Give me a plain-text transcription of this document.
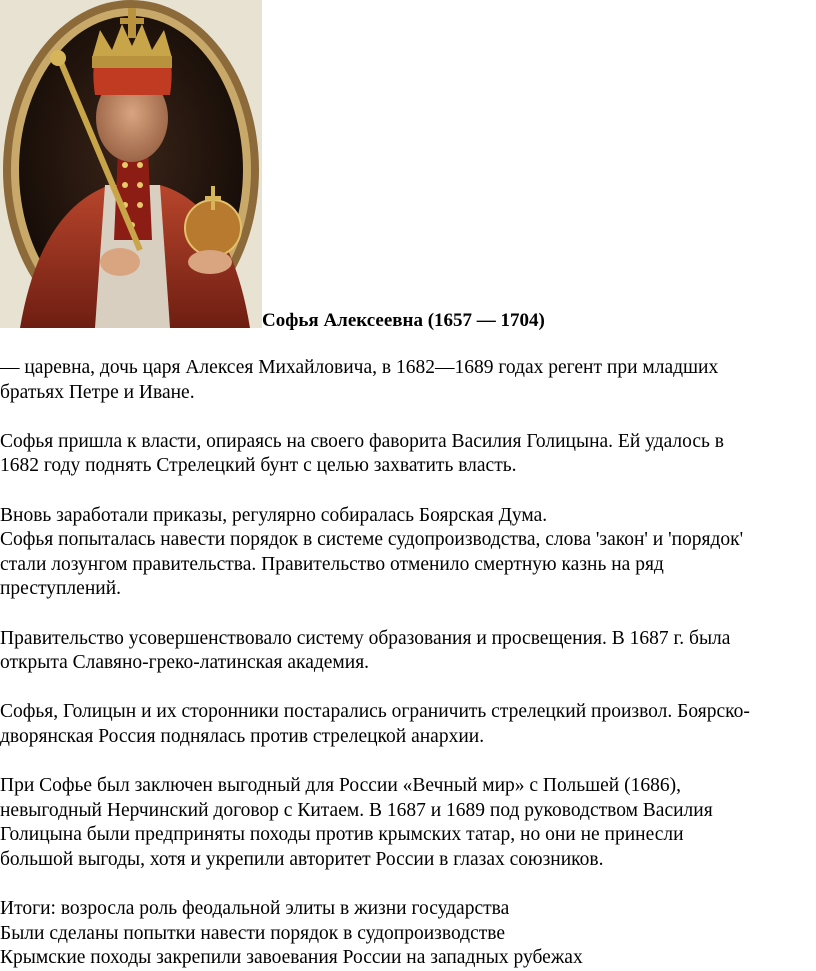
Софья Алексеевна (1657 — 1704)

— царевна, дочь царя Алексея Михайловича, в 1682—1689 годах регент при младших

братьях Петре и Иване.

Софья пришла к власти, опираясь на своего фаворита Василия Голицына. Ей удалось в

1682 году поднять Стрелецкий бунт с целью захватить власть.

Вновь заработали приказы, регулярно собиралась Боярская Дума.

Софья попыталась навести порядок в системе судопроизводства, слова 'закон' и 'порядок'

стали лозунгом правительства. Правительство отменило смертную казнь на ряд

преступлений.

Правительство усовершенствовало систему образования и просвещения. В 1687 г. была

открыта Славяно-греко-латинская академия.

Софья, Голицын и их сторонники постарались ограничить стрелецкий произвол. Боярско-

дворянская Россия поднялась против стрелецкой анархии.

При Софье был заключен выгодный для России «Вечный мир» с Польшей (1686),

невыгодный Нерчинский договор с Китаем. В 1687 и 1689 под руководством Василия

Голицына были предприняты походы против крымских татар, но они не принесли

большой выгоды, хотя и укрепили авторитет России в глазах союзников.

Итоги: возросла роль феодальной элиты в жизни государства

Были сделаны попытки навести порядок в судопроизводстве

Крымские походы закрепили завоевания России на западных рубежах
